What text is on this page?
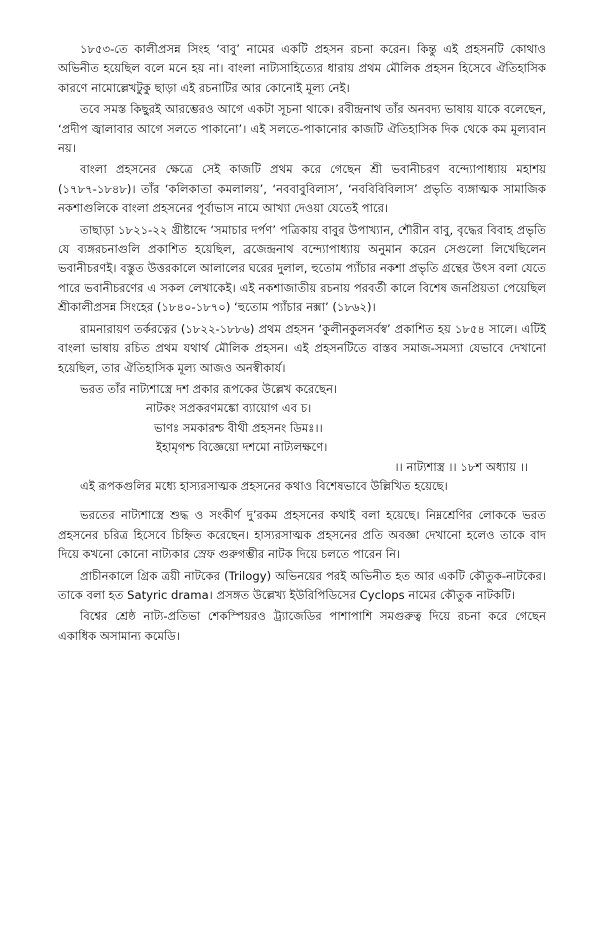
১৮৫৩-তে কালীপ্রসন্ন সিংহ ‘বাবু’ নামের একটি প্রহসন রচনা করেন। কিন্তু এই প্রহসনটি কোথাও অভিনীত হয়েছিল বলে মনে হয় না। বাংলা নাট্যসাহিত্যের ধারায় প্রথম মৌলিক প্রহসন হিসেবে ঐতিহাসিক কারণে নামোল্লেখটুকু ছাড়া এই রচনাটির আর কোনোই মূল্য নেই।

তবে সমস্ত কিছুরই আরম্ভেরও আগে একটা সূচনা থাকে। রবীন্দ্রনাথ তাঁর অনবদ্য ভাষায় যাকে বলেছেন, ‘প্রদীপ জ্বালাবার আগে সলতে পাকানো’। এই সলতে-পাকানোর কাজটি ঐতিহাসিক দিক থেকে কম মূল্যবান নয়।

বাংলা প্রহসনের ক্ষেত্রে সেই কাজটি প্রথম করে গেছেন শ্রী ভবানীচরণ বন্দ্যোপাধ্যায় মহাশয় (১৭৮৭-১৮৪৮)। তাঁর ‘কলিকাতা কমলালয়’, ‘নববাবুবিলাস’, ‘নববিবিবিলাস’ প্রভৃতি ব্যঙ্গাত্মক সামাজিক নকশাগুলিকে বাংলা প্রহসনের পূর্বাভাস নামে আখ্যা দেওয়া যেতেই পারে।

তাছাড়া ১৮২১-২২ খ্রীষ্টাব্দে ‘সমাচার দর্পণ’ পত্রিকায় বাবুর উপাখ্যান, শৌরীন বাবু, বৃদ্ধের বিবাহ প্রভৃতি যে ব্যঙ্গরচনাগুলি প্রকাশিত হয়েছিল, ব্রজেন্দ্রনাথ বন্দ্যোপাধ্যায় অনুমান করেন সেগুলো লিখেছিলেন ভবানীচরণই। বস্তুত উত্তরকালে আলালের ঘরের দুলাল, হুতোম প্যাঁচার নকশা প্রভৃতি গ্রন্থের উৎস বলা যেতে পারে ভবানীচরণের এ সকল লেখাকেই। এই নকশাজাতীয় রচনায় পরবর্তী কালে বিশেষ জনপ্রিয়তা পেয়েছিল শ্রীকালীপ্রসন্ন সিংহের (১৮৪০-১৮৭০) ‘হুতোম প্যাঁচার নক্সা’ (১৮৬২)।

রামনারায়ণ তর্করত্নের (১৮২২-১৮৮৬) প্রথম প্রহসন ‘কুলীনকুলসর্বস্ব’ প্রকাশিত হয় ১৮৫৪ সালে। এটিই বাংলা ভাষায় রচিত প্রথম যথার্থ মৌলিক প্রহসন। এই প্রহসনটিতে বাস্তব সমাজ-সমস্যা যেভাবে দেখানো হয়েছিল, তার ঐতিহাসিক মূল্য আজও অনস্বীকার্য।

ভরত তাঁর নাট্যশাস্ত্রে দশ প্রকার রূপকের উল্লেখ করেছেন।

নাটকং সপ্রকরণমঙ্কো ব্যায়োগ এব চ।
ভাণঃ সমকারশ্চ বীথী প্রহসনং ডিমঃ।।
ইহামৃগশ্চ বিজ্ঞেয়ো দশমো নাট্যলক্ষণে।

।। নাট্যশাস্ত্র ।। ১৮শ অধ্যায় ।।

এই রূপকগুলির মধ্যে হাস্যরসাত্মক প্রহসনের কথাও বিশেষভাবে উল্লিখিত হয়েছে।

ভরতের নাট্যশাস্ত্রে শুদ্ধ ও সংকীর্ণ দু’রকম প্রহসনের কথাই বলা হয়েছে। নিম্নশ্রেণির লোককে ভরত প্রহসনের চরিত্র হিসেবে চিহ্নিত করেছেন। হাস্যরসাত্মক প্রহসনের প্রতি অবজ্ঞা দেখানো হলেও তাকে বাদ দিয়ে কখনো কোনো নাট্যকার স্রেফ গুরুগম্ভীর নাটক দিয়ে চলতে পারেন নি।

প্রাচীনকালে গ্রিক ত্রয়ী নাটকের (Trilogy) অভিনয়ের পরই অভিনীত হত আর একটি কৌতুক-নাটকের। তাকে বলা হত Satyric drama। প্রসঙ্গত উল্লেখ্য ইউরিপিডিসের Cyclops নামের কৌতুক নাটকটি।

বিশ্বের শ্রেষ্ঠ নাট্য-প্রতিভা শেকস্পিয়রও ট্র্যাজেডির পাশাপাশি সমগুরুত্ব দিয়ে রচনা করে গেছেন একাধিক অসামান্য কমেডি।
